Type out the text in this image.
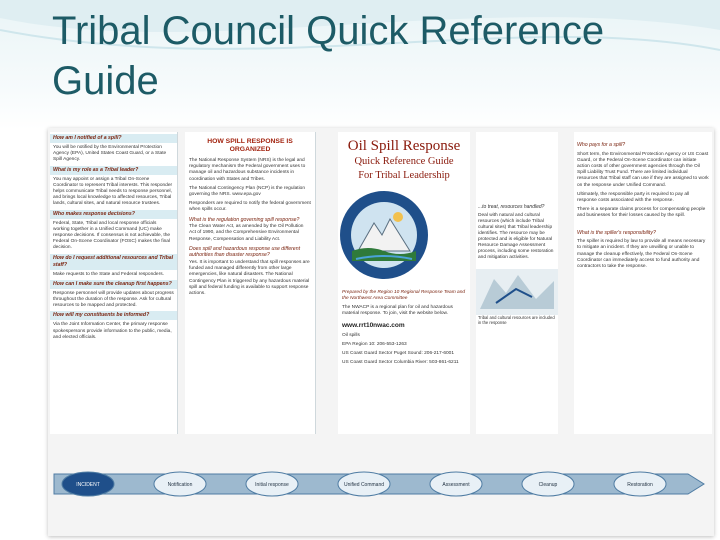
Tribal Council Quick Reference Guide
How am I notified of a spill?
You will be notified by the Environmental Protection Agency (EPA), United States Coast Guard, or a State Spill Agency.
What is my role as a Tribal leader?
You may appoint or assign a Tribal On-Scene Coordinator to represent Tribal interests. This responder helps communicate Tribal needs to response personnel, and brings local knowledge to affected resources, Tribal lands, cultural sites, and natural resource trustees.
Who makes response decisions?
Federal, State, Tribal and local response officials working together in a Unified Command (UC) make response decisions. If consensus is not achievable, the Federal On-Scene Coordinator (FOSC) makes the final decision.
How do I request additional resources and Tribal staff?
Make requests to the State and Federal responders.
How can I make sure the cleanup first happens?
Response personnel will provide updates about progress throughout the duration of the response. Ask for cultural resources to be mapped and protected.
How will my constituents be informed?
Via the Joint Information Center, the primary response spokespersons provide information to the public, media, and elected officials.
HOW SPILL RESPONSE IS ORGANIZED
The National Response System (NRS) is the legal and regulatory mechanism the Federal government uses to manage oil and hazardous substance incidents in coordination with States and Tribes.
The National Contingency Plan (NCP) is the regulation governing the NRS. www.epa.gov
Responders are required to notify the federal government when spills occur.
What is the regulation governing spill response?
The Clean Water Act, as amended by the Oil Pollution Act of 1990, and the Comprehensive Environmental Response, Compensation and Liability Act.
Does spill and hazardous response use different authorities than disaster response?
Yes. It is important to understand that spill responses are funded and managed differently from other large emergencies, like natural disasters. The National Contingency Plan is triggered by any hazardous material spill and federal funding is available to support response actions.
Oil Spill Response
Quick Reference Guide
For Tribal Leadership
Prepared by the Region 10 Regional Response Team and the Northwest Area Committee
The NWACP is a regional plan for oil and hazardous material response. To join, visit the website below.
www.rrt10nwac.com
Oil spills
EPA Region 10: 206-553-1263
US Coast Guard Sector Puget Sound: 206-217-6001
US Coast Guard Sector Columbia River: 503-861-6211
...to treat, resources handled?
Deal with natural and cultural resources (which include Tribal cultural sites) that Tribal leadership identifies. The resource may be protected and is eligible for Natural Resource Damage Assessment process, including some restoration and mitigation activities.
Tribal and cultural resources are included in the response
Who pays for a spill?
Short term, the Environmental Protection Agency or US Coast Guard, or the Federal On-Scene Coordinator can initiate action costs of other government agencies through the Oil Spill Liability Trust Fund. There are limited individual resources that Tribal staff can use if they are assigned to work on the response under Unified Command.
Ultimately, the responsible party is required to pay all response costs associated with the response.
There is a separate claims process for compensating people and businesses for their losses caused by the spill.
What is the spiller's responsibility?
The spiller is required by law to provide all means necessary to mitigate an incident. If they are unwilling or unable to manage the cleanup effectively, the Federal On-Scene Coordinator can immediately access to fund authority and contractors to take the response.
INCIDENT	Notification	Initial response	Unified Command	Assessment	Cleanup	Restoration
